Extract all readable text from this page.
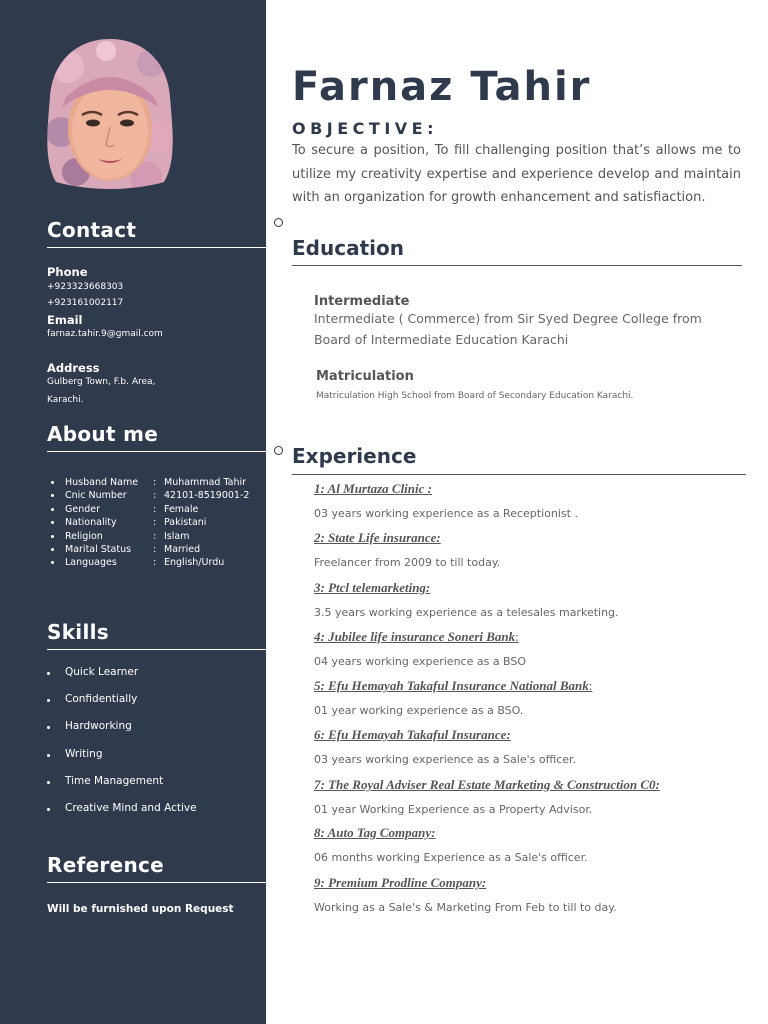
Contact
Phone
+923323668303
+923161002117
Email
farnaz.tahir.9@gmail.com
Address
Gulberg Town, F.b. Area,
Karachi.
About me
Husband Name : Muhammad Tahir
Cnic Number	: 42101-8519001-2
Gender	: Female
Nationality	: Pakistani
Religion	: Islam
Marital Status : Married
Languages	: English/Urdu
Skills
Quick Learner
Confidentially
Hardworking
Writing
Time Management
Creative Mind and Active
Reference
Will be furnished upon Request
Farnaz Tahir
OBJECTIVE:
To secure a position, To fill challenging position that’s allows me to utilize my creativity expertise and experience develop and maintain with an organization for growth enhancement and satisfiaction.
Education
Intermediate
Intermediate ( Commerce) from Sir Syed Degree College from Board of Intermediate Education Karachi
Matriculation
Matriculation High School from Board of Secondary Education Karachi.
Experience
1: Al Murtaza Clinic :
03 years working experience as a Receptionist .
2: State Life insurance:
Freelancer from 2009 to till today.
3: Ptcl telemarketing:
3.5 years working experience as a telesales marketing.
4: Jubilee life insurance Soneri Bank:
04 years working experience as a BSO
5: Efu Hemayah Takaful Insurance National Bank:
01 year working experience as a BSO.
6: Efu Hemayah Takaful Insurance:
03 years working experience as a Sale's officer.
7: The Royal Adviser Real Estate Marketing & Construction C0:
01 year Working Experience as a Property Advisor.
8: Auto Tag Company:
06 months working Experience as a Sale's officer.
9: Premium Prodline Company:
Working as a Sale's & Marketing From Feb to till to day.
